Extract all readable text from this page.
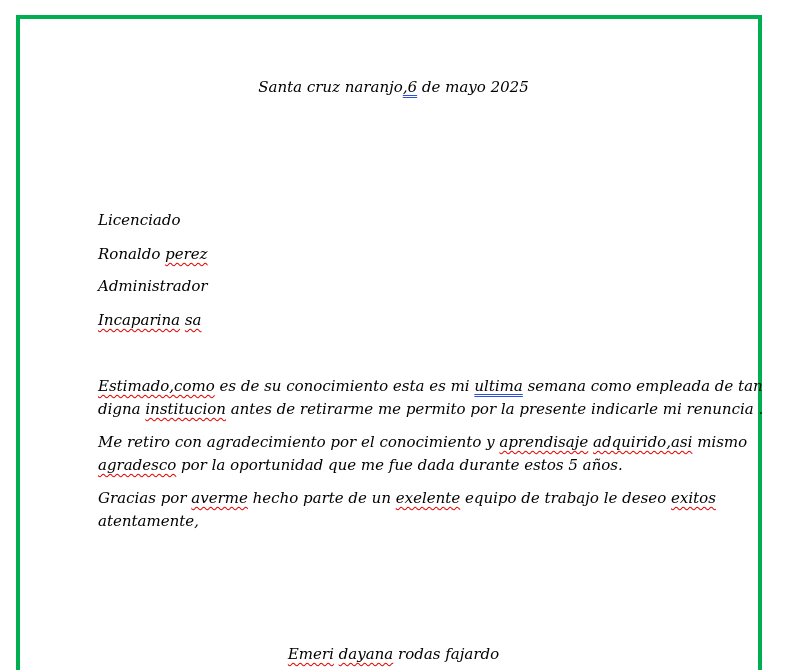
Santa cruz naranjo,6 de mayo 2025
Licenciado
Ronaldo perez
Administrador
Incaparina sa
Estimado,como es de su conocimiento esta es mi ultima semana como empleada de tan
digna institucion antes de retirarme me permito por la presente indicarle mi renuncia .
Me retiro con agradecimiento por el conocimiento y aprendisaje adquirido,asi mismo
agradesco por la oportunidad que me fue dada durante estos 5 años.
Gracias por averme hecho parte de un exelente equipo de trabajo le deseo exitos
atentamente,
Emeri dayana rodas fajardo
